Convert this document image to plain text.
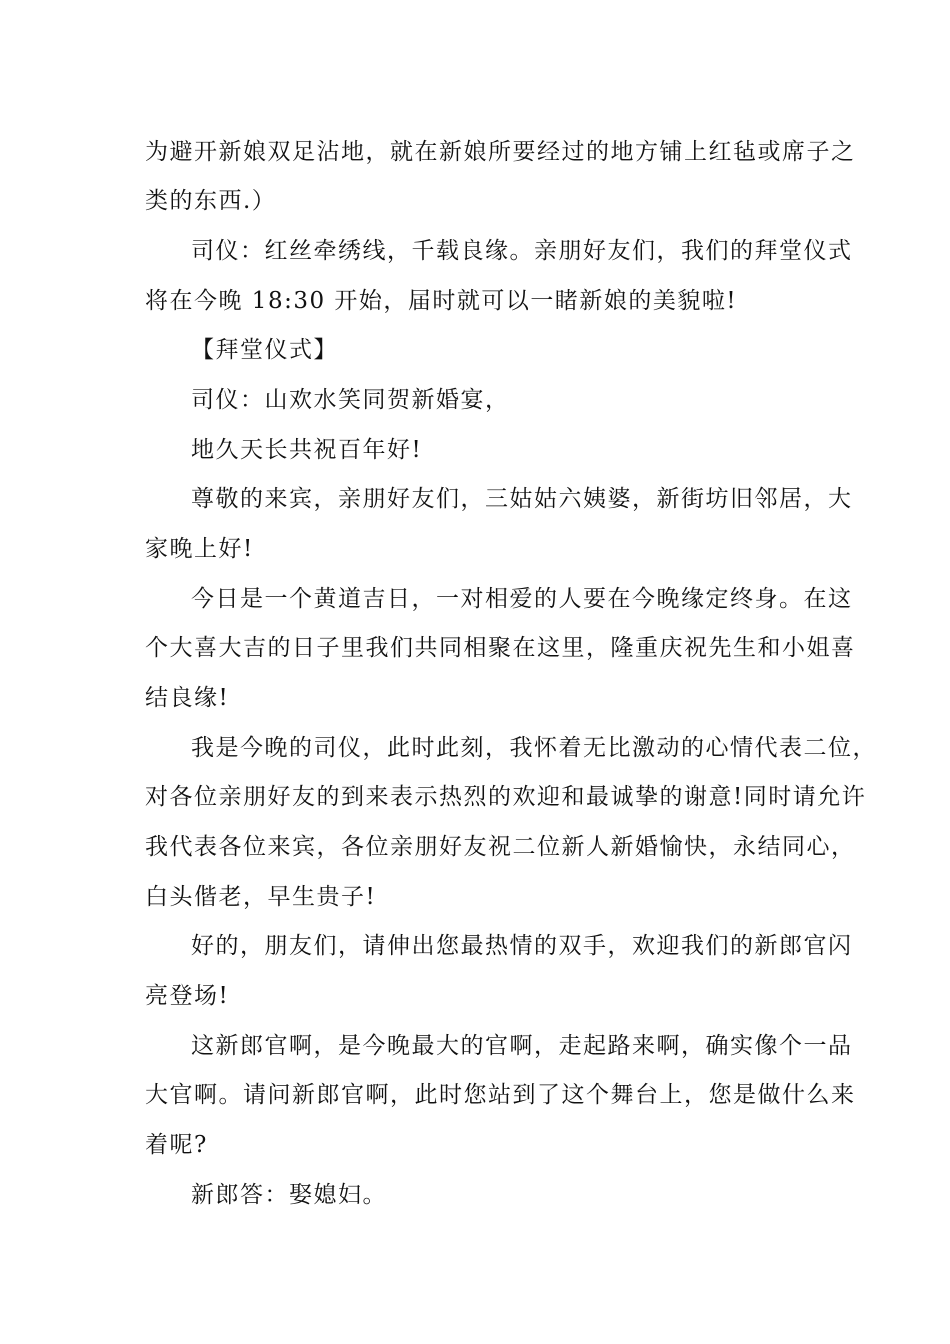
为避开新娘双足沾地，就在新娘所要经过的地方铺上红毡或席子之
类的东西.）
司仪：红丝牵绣线，千载良缘。亲朋好友们，我们的拜堂仪式
将在今晚 18:30 开始，届时就可以一睹新娘的美貌啦!
【拜堂仪式】
司仪：山欢水笑同贺新婚宴，
地久天长共祝百年好!
尊敬的来宾，亲朋好友们，三姑姑六姨婆，新街坊旧邻居，大
家晚上好!
今日是一个黄道吉日，一对相爱的人要在今晚缘定终身。在这
个大喜大吉的日子里我们共同相聚在这里，隆重庆祝先生和小姐喜
结良缘!
我是今晚的司仪，此时此刻，我怀着无比激动的心情代表二位，
对各位亲朋好友的到来表示热烈的欢迎和最诚挚的谢意!同时请允许
我代表各位来宾，各位亲朋好友祝二位新人新婚愉快，永结同心，
白头偕老，早生贵子!
好的，朋友们，请伸出您最热情的双手，欢迎我们的新郎官闪
亮登场!
这新郎官啊，是今晚最大的官啊，走起路来啊，确实像个一品
大官啊。请问新郎官啊，此时您站到了这个舞台上，您是做什么来
着呢?
新郎答：娶媳妇。
